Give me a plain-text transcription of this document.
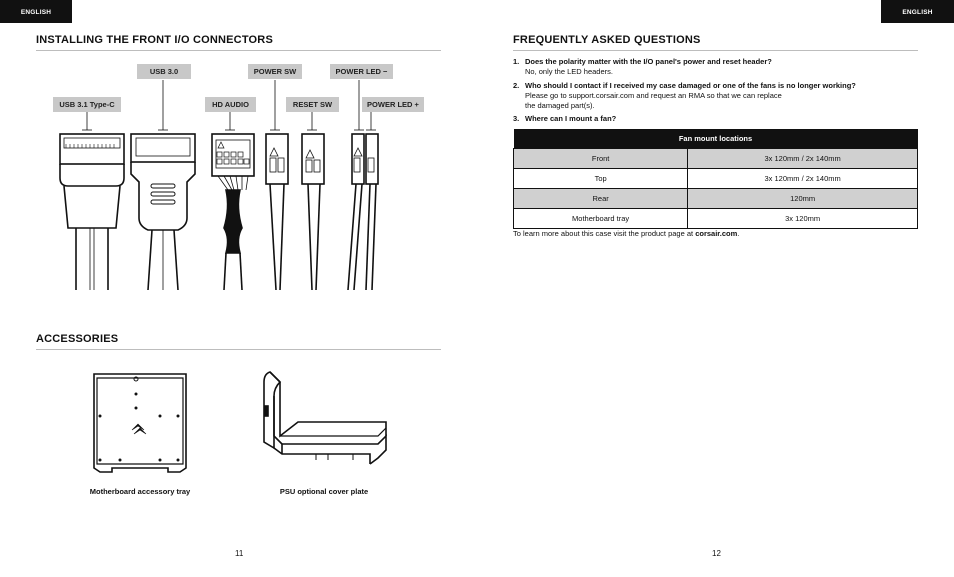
ENGLISH	ENGLISH
INSTALLING THE FRONT I/O CONNECTORS
USB 3.0	POWER SW	POWER LED −
USB 3.1 Type-C	HD AUDIO	RESET SW	POWER LED +
ACCESSORIES
Motherboard accessory tray	PSU optional cover plate
11
FREQUENTLY ASKED QUESTIONS
1. Does the polarity matter with the I/O panel's power and reset header?
No, only the LED headers.
2. Who should I contact if I received my case damaged or one of the fans is no longer working?
Please go to support.corsair.com and request an RMA so that we can replace
the damaged part(s).
3. Where can I mount a fan?
Fan mount locations	
Front	3x 120mm / 2x 140mm
Top	3x 120mm / 2x 140mm
Rear	120mm
Motherboard tray	3x 120mm
To learn more about this case visit the product page at corsair.com.
12
